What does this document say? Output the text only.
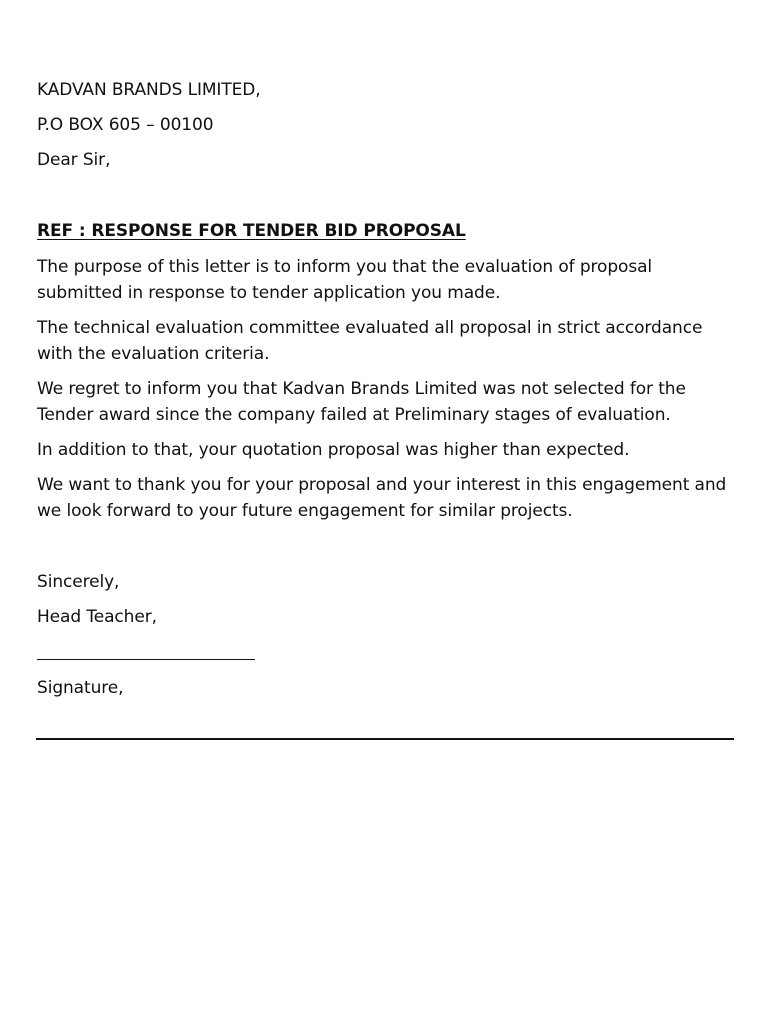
KADVAN BRANDS LIMITED,
P.O BOX 605 – 00100
Dear Sir,
REF : RESPONSE FOR TENDER BID PROPOSAL
The purpose of this letter is to inform you that the evaluation of proposal submitted in response to tender application you made.
The technical evaluation committee evaluated all proposal in strict accordance with the evaluation criteria.
We regret to inform you that Kadvan Brands Limited was not selected for the Tender award since the company failed at Preliminary stages of evaluation.
In addition to that, your quotation proposal was higher than expected.
We want to thank you for your proposal and your interest in this engagement and we look forward to your future engagement for similar projects.
Sincerely,
Head Teacher,
Signature,
